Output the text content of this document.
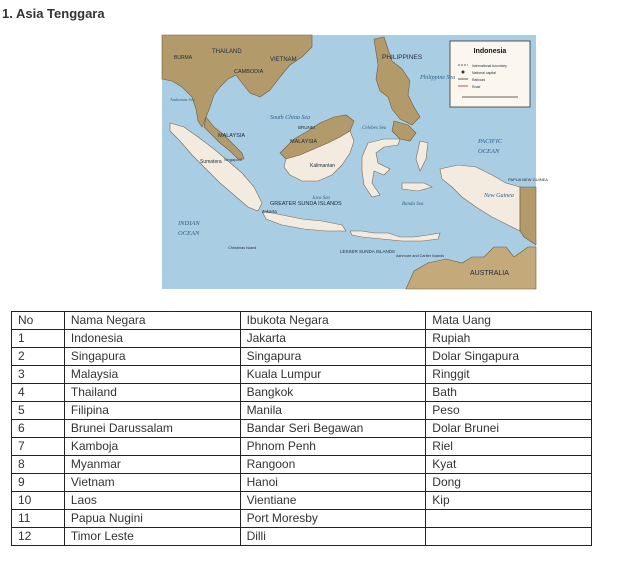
1. Asia Tenggara
Indonesia
International boundary
National capital
Railroad
Road
THAILAND
BURMA	VIETNAM
CAMBODIA
PHILIPPINES
MALAYSIA
MALAYSIA
BRUNEI
Singapore
Sumatera
Kalimantan
GREATER SUNDA ISLANDS
LESSER SUNDA ISLANDS
Jakarta
New Guinea
PAPUA NEW GUINEA
AUSTRALIA
South China Sea
Philippine Sea
Celebes Sea
Java Sea
Banda Sea
Andaman Sea
INDIAN
OCEAN
PACIFIC
OCEAN
Christmas Island
Ashmore and Cartier Islands
No	Nama Negara	Ibukota Negara	Mata Uang
1	Indonesia	Jakarta	Rupiah
2	Singapura	Singapura	Dolar Singapura
3	Malaysia	Kuala Lumpur	Ringgit
4	Thailand	Bangkok	Bath
5	Filipina	Manila	Peso
6	Brunei Darussalam	Bandar Seri Begawan	Dolar Brunei
7	Kamboja	Phnom Penh	Riel
8	Myanmar	Rangoon	Kyat
9	Vietnam	Hanoi	Dong
10	Laos	Vientiane	Kip
11	Papua Nugini	Port Moresby	
12	Timor Leste	Dilli	
